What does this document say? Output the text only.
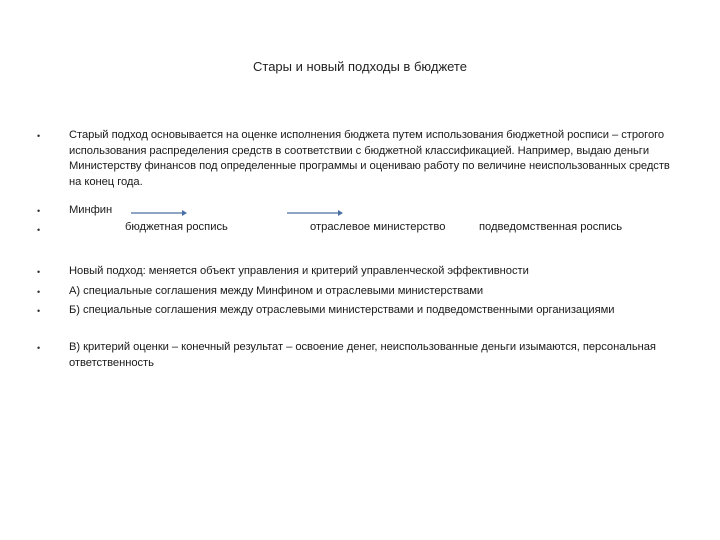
Стары и новый подходы в бюджете
•	Старый подход основывается на оценке исполнения бюджета путем использования бюджетной росписи – строгого использования распределения средств в соответствии с бюджетной классификацией. Например, выдаю деньги Министерству финансов под определенные программы и оцениваю работу по величине неиспользованных средств на конец года.
•	Минфин
•	бюджетная роспись	отраслевое министерство	подведомственная роспись
•	Новый подход: меняется объект управления и критерий управленческой эффективности
•	А) специальные соглашения между Минфином и отраслевыми министерствами
•	Б) специальные соглашения между отраслевыми министерствами и подведомственными организациями
•	В) критерий оценки – конечный результат – освоение денег, неиспользованные деньги изымаются, персональная ответственность
